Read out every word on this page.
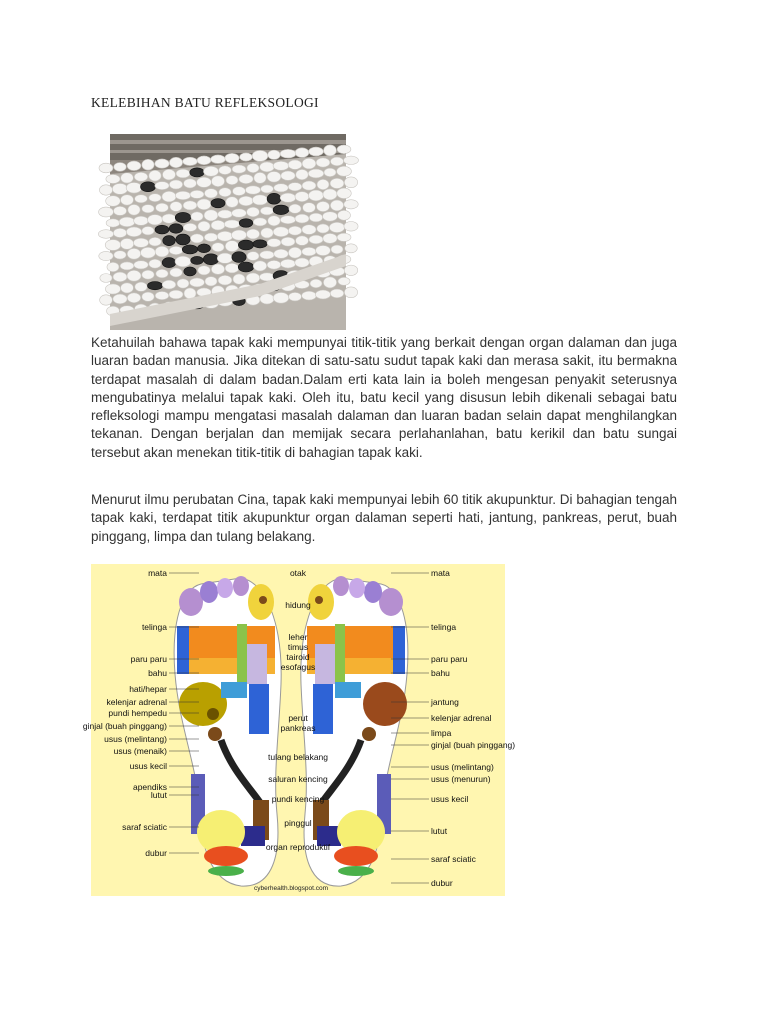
KELEBIHAN BATU REFLEKSOLOGI

Ketahuilah bahawa tapak kaki mempunyai titik-titik yang berkait dengan organ dalaman dan juga luaran badan manusia. Jika ditekan di satu-satu sudut tapak kaki dan merasa sakit, itu bermakna terdapat masalah di dalam badan.Dalam erti kata lain ia boleh mengesan penyakit seterusnya mengubatinya melalui tapak kaki. Oleh itu, batu kecil yang disusun lebih dikenali sebagai batu refleksologi mampu mengatasi masalah dalaman dan luaran badan selain dapat menghilangkan tekanan. Dengan berjalan dan memijak secara perlahanlahan, batu kerikil dan batu sungai tersebut akan menekan titik-titik di bahagian tapak kaki.

Menurut ilmu perubatan Cina, tapak kaki mempunyai lebih 60 titik akupunktur. Di bahagian tengah tapak kaki, terdapat titik akupunktur organ dalaman seperti hati, jantung, pankreas, perut, buah pinggang, limpa dan tulang belakang.

mata
telinga
paru paru
bahu
hati/hepar
kelenjar adrenal
pundi hempedu
ginjal (buah pinggang)
usus (melintang)
usus (menaik)
usus kecil
apendiks
lutut
saraf sciatic
dubur
otak
hidung
leher
timus
tairoid
esofagus
perut
pankreas
tulang belakang
saluran kencing
pundi kencing
pinggul
organ reproduktif
mata
telinga
paru paru
bahu
jantung
kelenjar adrenal
limpa
ginjal (buah pinggang)
usus (melintang)
usus (menurun)
usus kecil
lutut
saraf sciatic
dubur
cyberhealth.blogspot.com
